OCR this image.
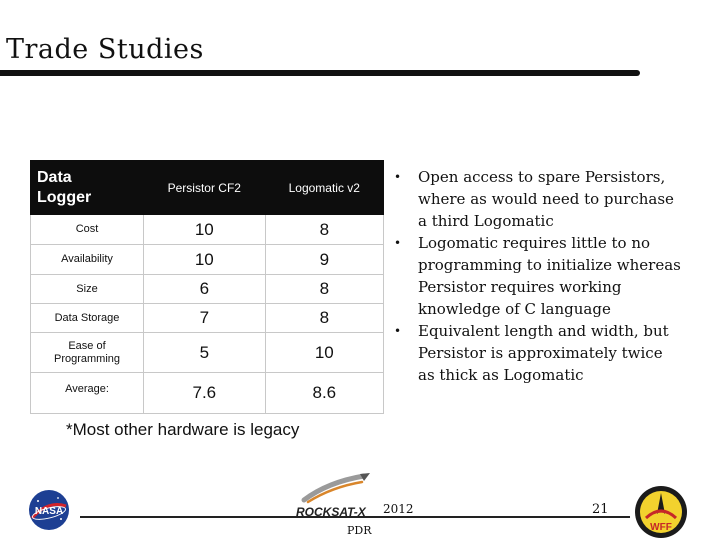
Trade Studies
Data
Logger	Persistor CF2	Logomatic v2
Cost	10	8
Availability	10	9
Size	6	8
Data Storage	7	8
Ease of
Programming	5	10
Average:	7.6	8.6
• Open access to spare Persistors,
where as would need to purchase
a third Logomatic
• Logomatic requires little to no
programming to initialize whereas
Persistor requires working
knowledge of C language
• Equivalent length and width, but
Persistor is approximately twice
as thick as Logomatic
*Most other hardware is legacy
NASA	ROCKSAT-X 2012
PDR
21
WFF
